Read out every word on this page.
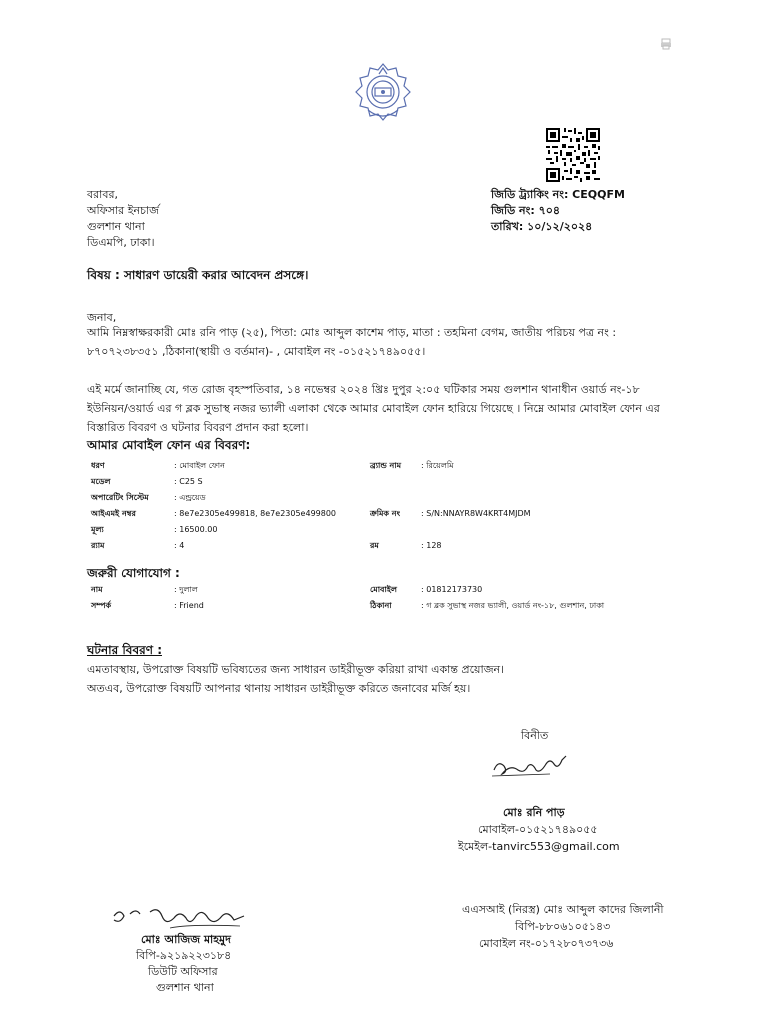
বরাবর,
অফিসার ইনচার্জ
গুলশান থানা
ডিএমপি, ঢাকা।
জিডি ট্র্যাকিং নং: CEQQFM
জিডি নং: ৭০৪
তারিখ: ১০/১২/২০২৪
বিষয় : সাধারণ ডায়েরী করার আবেদন প্রসঙ্গে।
জনাব,
আমি নিম্নস্বাক্ষরকারী মোঃ রনি পাড় (২৫), পিতা: মোঃ আব্দুল কাশেম পাড়, মাতা : তহমিনা বেগম, জাতীয় পরিচয় পত্র নং :
৮৭০৭২৩৮৩৫১ ,ঠিকানা(স্থায়ী ও বর্তমান)- , মোবাইল নং -০১৫২১৭৪৯০৫৫।
এই মর্মে জানাচ্ছি যে, গত রোজ বৃহস্পতিবার, ১৪ নভেম্বর ২০২৪ খ্রিঃ দুপুর ২:০৫ ঘটিকার সময় গুলশান থানাধীন ওয়ার্ড নং-১৮
ইউনিয়ন/ওয়ার্ড এর গ ব্লক সুভাস্থ নজর ভ্যালী এলাকা থেকে আমার মোবাইল ফোন হারিয়ে গিয়েছে । নিম্নে আমার মোবাইল ফোন এর
বিস্তারিত বিবরণ ও ঘটনার বিবরণ প্রদান করা হলো।
আমার মোবাইল ফোন এর বিবরণ:
ধরণ	: মোবাইল ফোন	ব্র্যান্ড নাম	: রিয়েলমি
মডেল	: C25 S		
অপারেটিং সিস্টেম	: এন্ড্রয়েড		
আইএমই নম্বর	: 8e7e2305e499818, 8e7e2305e499800	ক্রমিক নং	: S/N:NNAYR8W4KRT4MJDM
মূল্য	: 16500.00		
র‍্যাম	: 4	রম	: 128
জরুরী যোগাযোগ :
নাম	: দুলাল	মোবাইল	: 01812173730
সম্পর্ক	: Friend	ঠিকানা	: গ ব্লক সুভাস্থ নজর ভ্যালী, ওয়ার্ড নং-১৮, গুলশান, ঢাকা
ঘটনার বিবরণ :
এমতাবস্থায়, উপরোক্ত বিষয়টি ভবিষ্যতের জন্য সাধারন ডাইরীভূক্ত করিয়া রাখা একান্ত প্রয়োজন।
অতএব, উপরোক্ত বিষয়টি আপনার থানায় সাধারন ডাইরীভূক্ত করিতে জনাবের মর্জি হয়।
বিনীত
মোঃ রনি পাড়
মোবাইল-০১৫২১৭৪৯০৫৫
ইমেইল-tanvirc553@gmail.com
এএসআই (নিরস্ত্র) মোঃ আব্দুল কাদের জিলানী
বিপি-৮৮০৬১০৫১৪৩
মোবাইল নং-০১৭২৮০৭৩৭৩৬
মোঃ আজিজ মাহমুদ
বিপি-৯২১৯২২৩১৮৪
ডিউটি অফিসার
গুলশান থানা
